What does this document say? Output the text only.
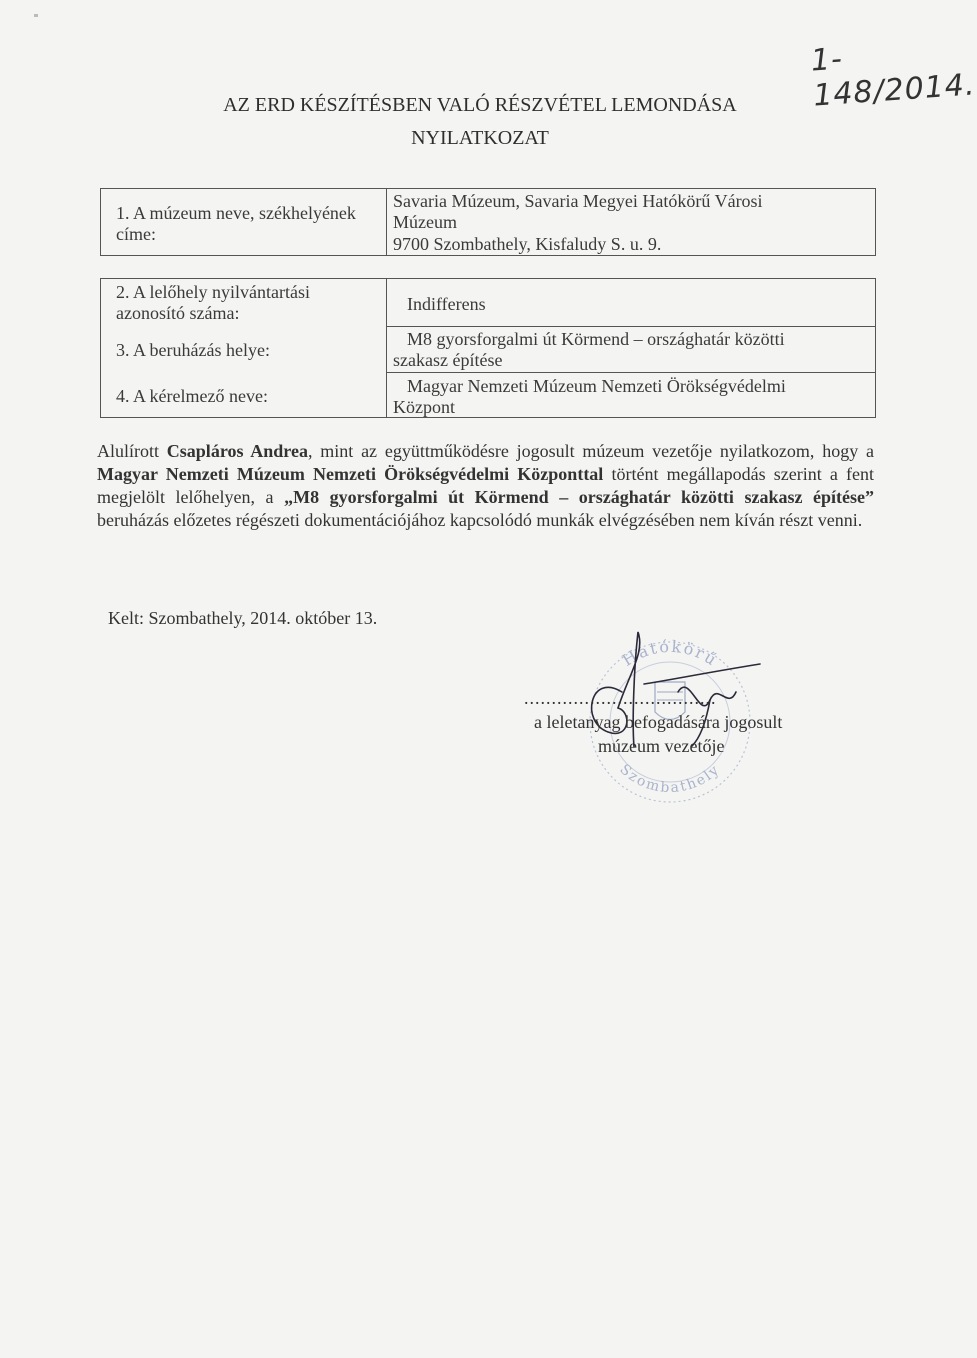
1- 148/2014.
AZ ERD KÉSZÍTÉSBEN VALÓ RÉSZVÉTEL LEMONDÁSA
NYILATKOZAT
1. A múzeum neve, székhelyének
címe:
Savaria Múzeum, Savaria Megyei Hatókörű Városi
Múzeum
9700 Szombathely, Kisfaludy S. u. 9.
2. A lelőhely nyilvántartási
azonosító száma:	Indifferens
3. A beruházás helye:
M8 gyorsforgalmi út Körmend – országhatár közötti
szakasz építése
4. A kérelmező neve:	Magyar Nemzeti Múzeum Nemzeti Örökségvédelmi
Központ
Alulírott Csapláros Andrea, mint az együttműködésre jogosult múzeum vezetője nyilatkozom, hogy a Magyar Nemzeti Múzeum Nemzeti Örökségvédelmi Központtal történt megállapodás szerint a fent megjelölt lelőhelyen, a „M8 gyorsforgalmi út Körmend – országhatár közötti szakasz építése” beruházás előzetes régészeti dokumentációjához kapcsolódó munkák elvégzésében nem kíván részt venni.
Kelt: Szombathely, 2014. október 13.
Hatókörű
Szombathely
...................................
a leletanyag befogadására jogosult
múzeum vezetője
